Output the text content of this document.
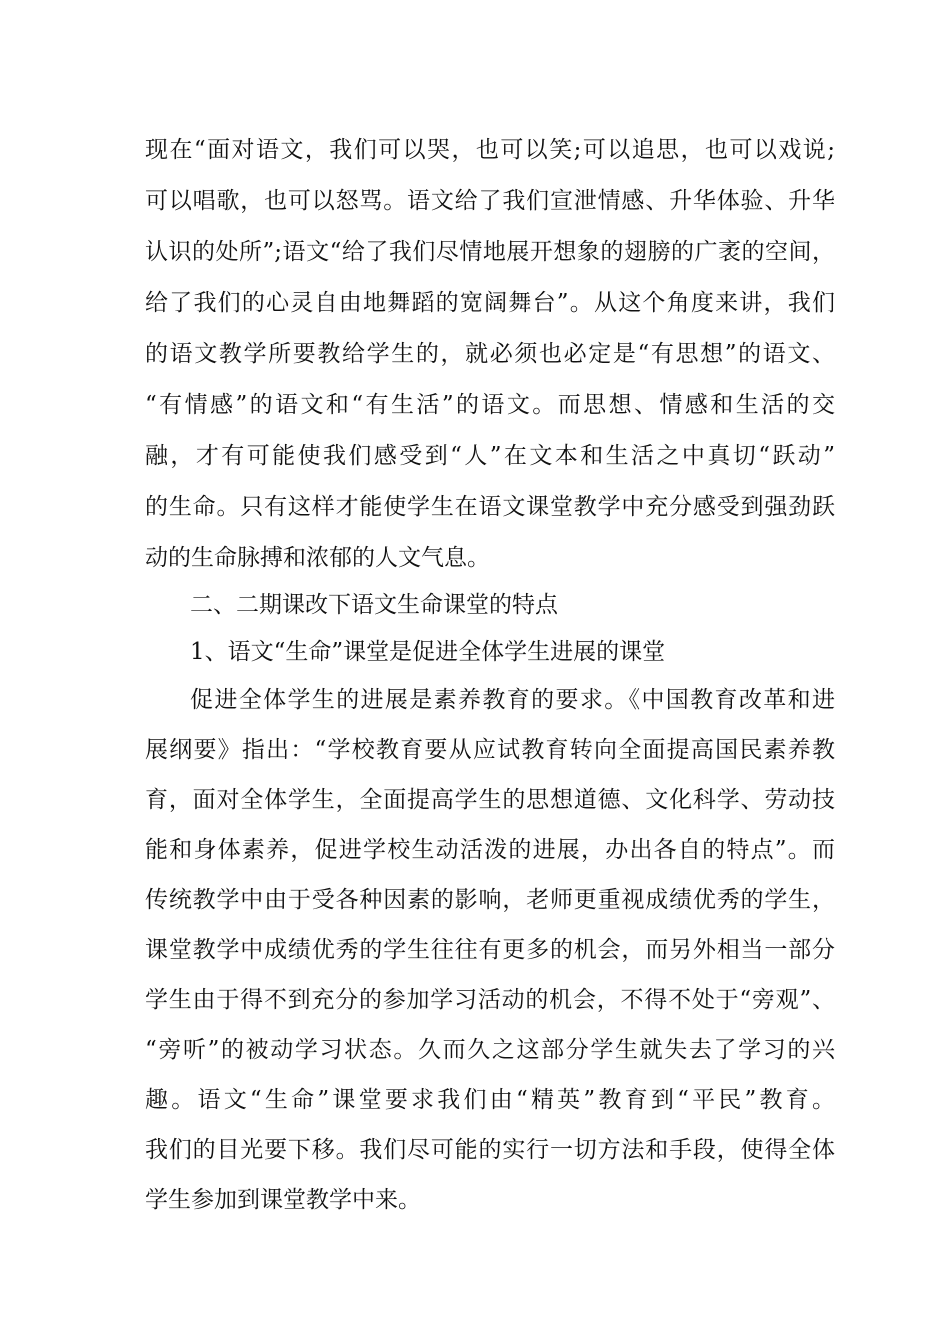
现在“面对语文，我们可以哭，也可以笑;可以追思，也可以戏说;
可以唱歌，也可以怒骂。语文给了我们宣泄情感、升华体验、升华
认识的处所”;语文“给了我们尽情地展开想象的翅膀的广袤的空间，
给了我们的心灵自由地舞蹈的宽阔舞台”。从这个角度来讲，我们
的语文教学所要教给学生的，就必须也必定是“有思想”的语文、
“有情感”的语文和“有生活”的语文。而思想、情感和生活的交
融，才有可能使我们感受到“人”在文本和生活之中真切“跃动”
的生命。只有这样才能使学生在语文课堂教学中充分感受到强劲跃
动的生命脉搏和浓郁的人文气息。
二、二期课改下语文生命课堂的特点
1、语文“生命”课堂是促进全体学生进展的课堂
促进全体学生的进展是素养教育的要求。《中国教育改革和进
展纲要》指出：“学校教育要从应试教育转向全面提高国民素养教
育，面对全体学生，全面提高学生的思想道德、文化科学、劳动技
能和身体素养，促进学校生动活泼的进展，办出各自的特点”。而
传统教学中由于受各种因素的影响，老师更重视成绩优秀的学生，
课堂教学中成绩优秀的学生往往有更多的机会，而另外相当一部分
学生由于得不到充分的参加学习活动的机会，不得不处于“旁观”、
“旁听”的被动学习状态。久而久之这部分学生就失去了学习的兴
趣。语文“生命”课堂要求我们由“精英”教育到“平民”教育。
我们的目光要下移。我们尽可能的实行一切方法和手段，使得全体
学生参加到课堂教学中来。
